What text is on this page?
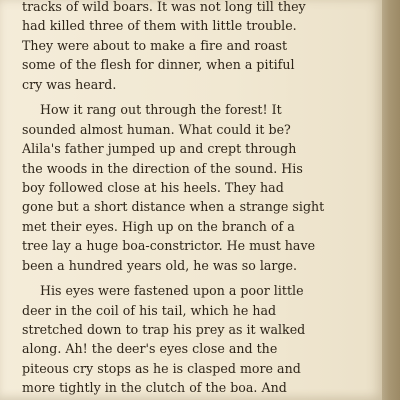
tracks of wild boars. It was not long till they
had killed three of them with little trouble.
They were about to make a fire and roast
some of the flesh for dinner, when a pitiful
cry was heard.
How it rang out through the forest! It
sounded almost human. What could it be?
Alila's father jumped up and crept through
the woods in the direction of the sound. His
boy followed close at his heels. They had
gone but a short distance when a strange sight
met their eyes. High up on the branch of a
tree lay a huge boa-constrictor. He must have
been a hundred years old, he was so large.
His eyes were fastened upon a poor little
deer in the coil of his tail, which he had
stretched down to trap his prey as it walked
along. Ah! the deer's eyes close and the
piteous cry stops as he is clasped more and
more tightly in the clutch of the boa. And
